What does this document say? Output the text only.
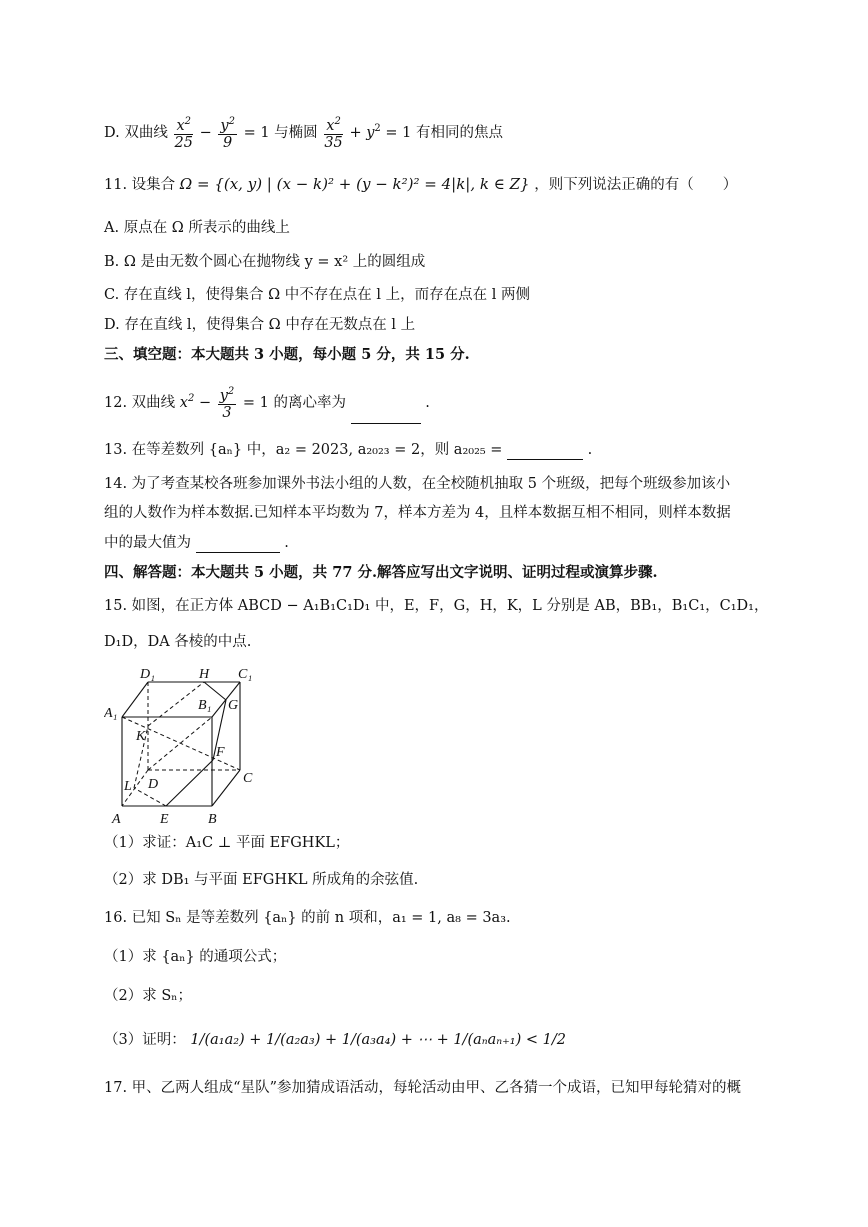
D. 双曲线 $\frac{x^2}{25} - \frac{y^2}{9} = 1$ 与椭圆 $\frac{x^2}{35} + y^2 = 1$ 有相同的焦点
11. 设集合 Ω = {(x, y) | (x − k)² + (y − k²)² = 4|k|, k ∈ Z} ，则下列说法正确的有（　　）
A. 原点在 Ω 所表示的曲线上
B. Ω 是由无数个圆心在抛物线 y = x² 上的圆组成
C. 存在直线 l，使得集合 Ω 中不存在点在 l 上，而存在点在 l 两侧
D. 存在直线 l，使得集合 Ω 中存在无数点在 l 上
三、填空题：本大题共 3 小题，每小题 5 分，共 15 分.
12. 双曲线 $x^2 - \frac{y^2}{3} = 1$ 的离心率为	.
13. 在等差数列 {aₙ} 中，a₂ = 2023, a₂₀₂₃ = 2，则 a₂₀₂₅ =	.
14. 为了考查某校各班参加课外书法小组的人数，在全校随机抽取 5 个班级，把每个班级参加该小
组的人数作为样本数据.已知样本平均数为 7，样本方差为 4，且样本数据互相不相同，则样本数据
中的最大值为	.
四、解答题：本大题共 5 小题，共 77 分.解答应写出文字说明、证明过程或演算步骤.
15. 如图，在正方体 ABCD − A₁B₁C₁D₁ 中，E，F，G，H，K，L 分别是 AB，BB₁，B₁C₁，C₁D₁，
D₁D，DA 各棱的中点.
D₁	H C₁
A₁
B₁ G
K
F
C
L D
A	E	B
（1）求证：A₁C ⊥ 平面 EFGHKL；
（2）求 DB₁ 与平面 EFGHKL 所成角的余弦值.
16. 已知 Sₙ 是等差数列 {aₙ} 的前 n 项和，a₁ = 1, a₈ = 3a₃.
（1）求 {aₙ} 的通项公式；
（2）求 Sₙ；
（3）证明： 1/(a₁a₂) + 1/(a₂a₃) + 1/(a₃a₄) + ⋯ + 1/(aₙaₙ₊₁) < 1/2
17. 甲、乙两人组成“星队”参加猜成语活动，每轮活动由甲、乙各猜一个成语，已知甲每轮猜对的概
